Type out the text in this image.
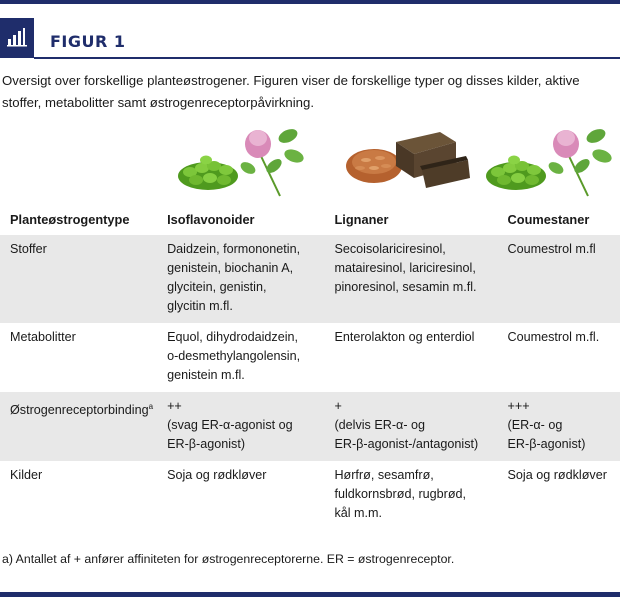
FIGUR 1
Oversigt over forskellige planteøstrogener. Figuren viser de forskellige typer og disses kilder, aktive stoffer, metabolitter samt østrogenreceptorpåvirkning.
Planteøstrogentype	Isoflavonoider	Lignaner	Coumestaner
Stoffer	Daidzein, formononetin,
genistein, biochanin A,
glycitein, genistin,
glycitin m.fl.	Secoisolariciresinol,
matairesinol, lariciresinol,
pinoresinol, sesamin m.fl.	Coumestrol m.fl
Metabolitter	Equol, dihydrodaidzein,
o-desmethylangolensin,
genistein m.fl.	Enterolakton og enterdiol	Coumestrol m.fl.
Østrogenreceptorbinding$^a$	++
(svag ER-α-agonist og
ER-β-agonist)	+
(delvis ER-α- og
ER-β-agonist-/antagonist)	+++
(ER-α- og
ER-β-agonist)
Kilder	Soja og rødkløver	Hørfrø, sesamfrø,
fuldkornsbrød, rugbrød,
kål m.m.	Soja og rødkløver
a) Antallet af + anfører affiniteten for østrogenreceptorerne. ER = østrogenreceptor.
